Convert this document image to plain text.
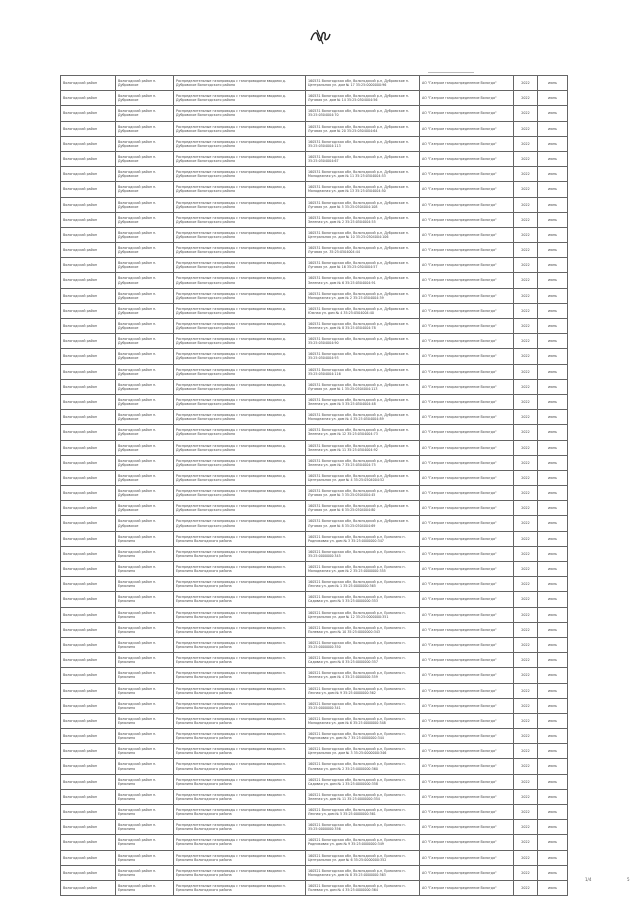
Вологодский район	Вологодский район п. Дубровское	Распределительные газопроводы с газопроводами вводами д. Дубровское Вологодского района	160531 Вологодская обл, Вологодский р-н, Дубровское п. Центральная ул. дом № 17 35:25:0000000:96	АО "Газпром газораспределение Вологда"	2022	июнь
Вологодский район	Вологодский район п. Дубровское	Распределительные газопроводы с газопроводами вводами д. Дубровское Вологодского района	160531 Вологодская обл, Вологодский р-н, Дубровское п. Луговая ул. дом № 14 35:25:0504004:56	АО "Газпром газораспределение Вологда"	2022	июнь
Вологодский район	Вологодский район п. Дубровское	Распределительные газопроводы с газопроводами вводами д. Дубровское Вологодского района	160531 Вологодская обл, Вологодский р-н, Дубровское п. 35:25:0504004:70	АО "Газпром газораспределение Вологда"	2022	июнь
Вологодский район	Вологодский район п. Дубровское	Распределительные газопроводы с газопроводами вводами д. Дубровское Вологодского района	160531 Вологодская обл, Вологодский р-н, Дубровское п. Луговая ул. дом № 20 35:25:0504004:64	АО "Газпром газораспределение Вологда"	2022	июнь
Вологодский район	Вологодский район п. Дубровское	Распределительные газопроводы с газопроводами вводами д. Дубровское Вологодского района	160531 Вологодская обл, Вологодский р-н, Дубровское п. 35:25:0504004:113	АО "Газпром газораспределение Вологда"	2022	июнь
Вологодский район	Вологодский район п. Дубровское	Распределительные газопроводы с газопроводами вводами д. Дубровское Вологодского района	160531 Вологодская обл, Вологодский р-н, Дубровское п. 35:25:0504004:67	АО "Газпром газораспределение Вологда"	2022	июнь
Вологодский район	Вологодский район п. Дубровское	Распределительные газопроводы с газопроводами вводами д. Дубровское Вологодского района	160531 Вологодская обл, Вологодский р-н, Дубровское п. Молодежная ул. дом № 11 35:25:0504004:53	АО "Газпром газораспределение Вологда"	2022	июнь
Вологодский район	Вологодский район п. Дубровское	Распределительные газопроводы с газопроводами вводами д. Дубровское Вологодского района	160531 Вологодская обл, Вологодский р-н, Дубровское п. Молодежная ул. дом № 13 35:25:0504004:50	АО "Газпром газораспределение Вологда"	2022	июнь
Вологодский район	Вологодский район п. Дубровское	Распределительные газопроводы с газопроводами вводами д. Дубровское Вологодского района	160531 Вологодская обл, Вологодский р-н, Дубровское п. Луговая ул. дом № 5 35:25:0504004:108	АО "Газпром газораспределение Вологда"	2022	июнь
Вологодский район	Вологодский район п. Дубровское	Распределительные газопроводы с газопроводами вводами д. Дубровское Вологодского района	160531 Вологодская обл, Вологодский р-н, Дубровское п. Зеленая ул. дом № 2 35:25:0504004:55	АО "Газпром газораспределение Вологда"	2022	июнь
Вологодский район	Вологодский район п. Дубровское	Распределительные газопроводы с газопроводами вводами д. Дубровское Вологодского района	160531 Вологодская обл, Вологодский р-н, Дубровское п. Центральная ул. дом № 10 35:25:0504004:106	АО "Газпром газораспределение Вологда"	2022	июнь
Вологодский район	Вологодский район п. Дубровское	Распределительные газопроводы с газопроводами вводами д. Дубровское Вологодского района	160531 Вологодская обл, Вологодский р-н, Дубровское п. Луговая ул. 35:25:0504004:44	АО "Газпром газораспределение Вологда"	2022	июнь
Вологодский район	Вологодский район п. Дубровское	Распределительные газопроводы с газопроводами вводами д. Дубровское Вологодского района	160531 Вологодская обл, Вологодский р-н, Дубровское п. Луговая ул. дом № 16 35:25:0504004:57	АО "Газпром газораспределение Вологда"	2022	июнь
Вологодский район	Вологодский район п. Дубровское	Распределительные газопроводы с газопроводами вводами д. Дубровское Вологодского района	160531 Вологодская обл, Вологодский р-н, Дубровское п. Зеленая ул. дом № 6 35:25:0504004:91	АО "Газпром газораспределение Вологда"	2022	июнь
Вологодский район	Вологодский район п. Дубровское	Распределительные газопроводы с газопроводами вводами д. Дубровское Вологодского района	160531 Вологодская обл, Вологодский р-н, Дубровское п. Молодежная ул. дом № 2 35:25:0504004:39	АО "Газпром газораспределение Вологда"	2022	июнь
Вологодский район	Вологодский район п. Дубровское	Распределительные газопроводы с газопроводами вводами д. Дубровское Вологодского района	160531 Вологодская обл, Вологодский р-н, Дубровское п. Южная ул. дом № 4 35:25:0504004:40	АО "Газпром газораспределение Вологда"	2022	июнь
Вологодский район	Вологодский район п. Дубровское	Распределительные газопроводы с газопроводами вводами д. Дубровское Вологодского района	160531 Вологодская обл, Вологодский р-н, Дубровское п. Зеленая ул. дом № 8 35:25:0504004:78	АО "Газпром газораспределение Вологда"	2022	июнь
Вологодский район	Вологодский район п. Дубровское	Распределительные газопроводы с газопроводами вводами д. Дубровское Вологодского района	160531 Вологодская обл, Вологодский р-н, Дубровское п. 35:25:0504004:90	АО "Газпром газораспределение Вологда"	2022	июнь
Вологодский район	Вологодский район п. Дубровское	Распределительные газопроводы с газопроводами вводами д. Дубровское Вологодского района	160531 Вологодская обл, Вологодский р-н, Дубровское п. 35:25:0504004:93	АО "Газпром газораспределение Вологда"	2022	июнь
Вологодский район	Вологодский район п. Дубровское	Распределительные газопроводы с газопроводами вводами д. Дубровское Вологодского района	160531 Вологодская обл, Вологодский р-н, Дубровское п. 35:25:0504004:116	АО "Газпром газораспределение Вологда"	2022	июнь
Вологодский район	Вологодский район п. Дубровское	Распределительные газопроводы с газопроводами вводами д. Дубровское Вологодского района	160531 Вологодская обл, Вологодский р-н, Дубровское п. Луговая ул. дом № 1 35:25:0504004:113	АО "Газпром газораспределение Вологда"	2022	июнь
Вологодский район	Вологодский район п. Дубровское	Распределительные газопроводы с газопроводами вводами д. Дубровское Вологодского района	160531 Вологодская обл, Вологодский р-н, Дубровское п. Зеленая ул. дом № 5 35:25:0504004:48	АО "Газпром газораспределение Вологда"	2022	июнь
Вологодский район	Вологодский район п. Дубровское	Распределительные газопроводы с газопроводами вводами д. Дубровское Вологодского района	160531 Вологодская обл, Вологодский р-н, Дубровское п. Молодежная ул. дом № 4 35:25:0504004:89	АО "Газпром газораспределение Вологда"	2022	июнь
Вологодский район	Вологодский район п. Дубровское	Распределительные газопроводы с газопроводами вводами д. Дубровское Вологодского района	160531 Вологодская обл, Вологодский р-н, Дубровское п. Зеленая ул. дом № 12 35:25:0504004:73	АО "Газпром газораспределение Вологда"	2022	июнь
Вологодский район	Вологодский район п. Дубровское	Распределительные газопроводы с газопроводами вводами д. Дубровское Вологодского района	160531 Вологодская обл, Вологодский р-н, Дубровское п. Зеленая ул. дом № 11 35:25:0504004:92	АО "Газпром газораспределение Вологда"	2022	июнь
Вологодский район	Вологодский район п. Дубровское	Распределительные газопроводы с газопроводами вводами д. Дубровское Вологодского района	160531 Вологодская обл, Вологодский р-н, Дубровское п. Зеленая ул. дом № 7 35:25:0504004:75	АО "Газпром газораспределение Вологда"	2022	июнь
Вологодский район	Вологодский район п. Дубровское	Распределительные газопроводы с газопроводами вводами д. Дубровское Вологодского района	160531 Вологодская обл, Вологодский р-н, Дубровское п. Центральная ул. дом № 4 35:25:0504004:52	АО "Газпром газораспределение Вологда"	2022	июнь
Вологодский район	Вологодский район п. Дубровское	Распределительные газопроводы с газопроводами вводами д. Дубровское Вологодского района	160531 Вологодская обл, Вологодский р-н, Дубровское п. Луговая ул. дом № 3 35:25:0504004:45	АО "Газпром газораспределение Вологда"	2022	июнь
Вологодский район	Вологодский район п. Дубровское	Распределительные газопроводы с газопроводами вводами д. Дубровское Вологодского района	160531 Вологодская обл, Вологодский р-н, Дубровское п. Луговая ул. дом № 6 35:25:0504004:80	АО "Газпром газораспределение Вологда"	2022	июнь
Вологодский район	Вологодский район п. Дубровское	Распределительные газопроводы с газопроводами вводами д. Дубровское Вологодского района	160531 Вологодская обл, Вологодский р-н, Дубровское п. Луговая ул. дом № 8 35:25:0504004:69	АО "Газпром газораспределение Вологда"	2022	июнь
Вологодский район	Вологодский район п. Ермолино	Распределительные газопроводы с газопроводами вводами п. Ермолино Вологодского района	160521 Вологодская обл, Вологодский р-н, Ермолино п. Родниковая ул. дом № 3 35:25:0000000:347	АО "Газпром газораспределение Вологда"	2022	июль
Вологодский район	Вологодский район п. Ермолино	Распределительные газопроводы с газопроводами вводами п. Ермолино Вологодского района	160521 Вологодская обл, Вологодский р-н, Ермолино п. 35:25:0000000:345	АО "Газпром газораспределение Вологда"	2022	июль
Вологодский район	Вологодский район п. Ермолино	Распределительные газопроводы с газопроводами вводами п. Ермолино Вологодского района	160521 Вологодская обл, Вологодский р-н, Ермолино п. Молодежная ул. дом № 2 35:25:0000000:355	АО "Газпром газораспределение Вологда"	2022	июль
Вологодский район	Вологодский район п. Ермолино	Распределительные газопроводы с газопроводами вводами п. Ермолино Вологодского района	160521 Вологодская обл, Вологодский р-н, Ермолино п. Лесная ул. дом № 1 35:25:0000000:365	АО "Газпром газораспределение Вологда"	2022	июль
Вологодский район	Вологодский район п. Ермолино	Распределительные газопроводы с газопроводами вводами п. Ермолино Вологодского района	160521 Вологодская обл, Вологодский р-н, Ермолино п. Садовая ул. дом № 5 35:25:0000000:353	АО "Газпром газораспределение Вологда"	2022	июль
Вологодский район	Вологодский район п. Ермолино	Распределительные газопроводы с газопроводами вводами п. Ермолино Вологодского района	160521 Вологодская обл, Вологодский р-н, Ермолино п. Центральная ул. дом № 12 35:25:0000000:351	АО "Газпром газораспределение Вологда"	2022	июль
Вологодский район	Вологодский район п. Ермолино	Распределительные газопроводы с газопроводами вводами п. Ермолино Вологодского района	160521 Вологодская обл, Вологодский р-н, Ермолино п. Полевая ул. дом № 10 35:25:0000000:343	АО "Газпром газораспределение Вологда"	2022	июль
Вологодский район	Вологодский район п. Ермолино	Распределительные газопроводы с газопроводами вводами п. Ермолино Вологодского района	160521 Вологодская обл, Вологодский р-н, Ермолино п. 35:25:0000000:350	АО "Газпром газораспределение Вологда"	2022	июль
Вологодский район	Вологодский район п. Ермолино	Распределительные газопроводы с газопроводами вводами п. Ермолино Вологодского района	160521 Вологодская обл, Вологодский р-н, Ермолино п. Садовая ул. дом № 8 35:25:0000000:357	АО "Газпром газораспределение Вологда"	2022	июль
Вологодский район	Вологодский район п. Ермолино	Распределительные газопроводы с газопроводами вводами п. Ермолино Вологодского района	160521 Вологодская обл, Вологодский р-н, Ермолино п. Зеленая ул. дом № 4 35:25:0000000:359	АО "Газпром газораспределение Вологда"	2022	июль
Вологодский район	Вологодский район п. Ермолино	Распределительные газопроводы с газопроводами вводами п. Ермолино Вологодского района	160521 Вологодская обл, Вологодский р-н, Ермолино п. Лесная ул. дом № 9 35:25:0000000:362	АО "Газпром газораспределение Вологда"	2022	июль
Вологодский район	Вологодский район п. Ермолино	Распределительные газопроводы с газопроводами вводами п. Ермолино Вологодского района	160521 Вологодская обл, Вологодский р-н, Ермолино п. 35:25:0000000:341	АО "Газпром газораспределение Вологда"	2022	июль
Вологодский район	Вологодский район п. Ермолино	Распределительные газопроводы с газопроводами вводами п. Ермолино Вологодского района	160521 Вологодская обл, Вологодский р-н, Ермолино п. Молодежная ул. дом № 6 35:25:0000000:348	АО "Газпром газораспределение Вологда"	2022	июль
Вологодский район	Вологодский район п. Ермолино	Распределительные газопроводы с газопроводами вводами п. Ермолино Вологодского района	160521 Вологодская обл, Вологодский р-н, Ермолино п. Родниковая ул. дом № 7 35:25:0000000:344	АО "Газпром газораспределение Вологда"	2022	июль
Вологодский район	Вологодский район п. Ермолино	Распределительные газопроводы с газопроводами вводами п. Ермолино Вологодского района	160521 Вологодская обл, Вологодский р-н, Ермолино п. Центральная ул. дом № 3 35:25:0000000:346	АО "Газпром газораспределение Вологда"	2022	июль
Вологодский район	Вологодский район п. Ермолино	Распределительные газопроводы с газопроводами вводами п. Ермолино Вологодского района	160521 Вологодская обл, Вологодский р-н, Ермолино п. Полевая ул. дом № 2 35:25:0000000:360	АО "Газпром газораспределение Вологда"	2022	июль
Вологодский район	Вологодский район п. Ермолино	Распределительные газопроводы с газопроводами вводами п. Ермолино Вологодского района	160521 Вологодская обл, Вологодский р-н, Ермолино п. Садовая ул. дом № 1 35:25:0000000:358	АО "Газпром газораспределение Вологда"	2022	июль
Вологодский район	Вологодский район п. Ермолино	Распределительные газопроводы с газопроводами вводами п. Ермолино Вологодского района	160521 Вологодская обл, Вологодский р-н, Ермолино п. Зеленая ул. дом № 11 35:25:0000000:354	АО "Газпром газораспределение Вологда"	2022	июль
Вологодский район	Вологодский район п. Ермолино	Распределительные газопроводы с газопроводами вводами п. Ермолино Вологодского района	160521 Вологодская обл, Вологодский р-н, Ермолино п. Лесная ул. дом № 5 35:25:0000000:361	АО "Газпром газораспределение Вологда"	2022	июль
Вологодский район	Вологодский район п. Ермолино	Распределительные газопроводы с газопроводами вводами п. Ермолино Вологодского района	160521 Вологодская обл, Вологодский р-н, Ермолино п. 35:25:0000000:356	АО "Газпром газораспределение Вологда"	2022	июль
Вологодский район	Вологодский район п. Ермолино	Распределительные газопроводы с газопроводами вводами п. Ермолино Вологодского района	160521 Вологодская обл, Вологодский р-н, Ермолино п. Родниковая ул. дом № 9 35:25:0000000:349	АО "Газпром газораспределение Вологда"	2022	июль
Вологодский район	Вологодский район п. Ермолино	Распределительные газопроводы с газопроводами вводами п. Ермолино Вологодского района	160521 Вологодская обл, Вологодский р-н, Ермолино п. Центральная ул. дом № 6 35:25:0000000:352	АО "Газпром газораспределение Вологда"	2022	июль
Вологодский район	Вологодский район п. Ермолино	Распределительные газопроводы с газопроводами вводами п. Ермолино Вологодского района	160521 Вологодская обл, Вологодский р-н, Ермолино п. Молодежная ул. дом № 8 35:25:0000000:363	АО "Газпром газораспределение Вологда"	2022	июль
Вологодский район	Вологодский район п. Ермолино	Распределительные газопроводы с газопроводами вводами п. Ермолино Вологодского района	160521 Вологодская обл, Вологодский р-н, Ермолино п. Полевая ул. дом № 4 35:25:0000000:364	АО "Газпром газораспределение Вологда"	2022	июль
1/4	5
